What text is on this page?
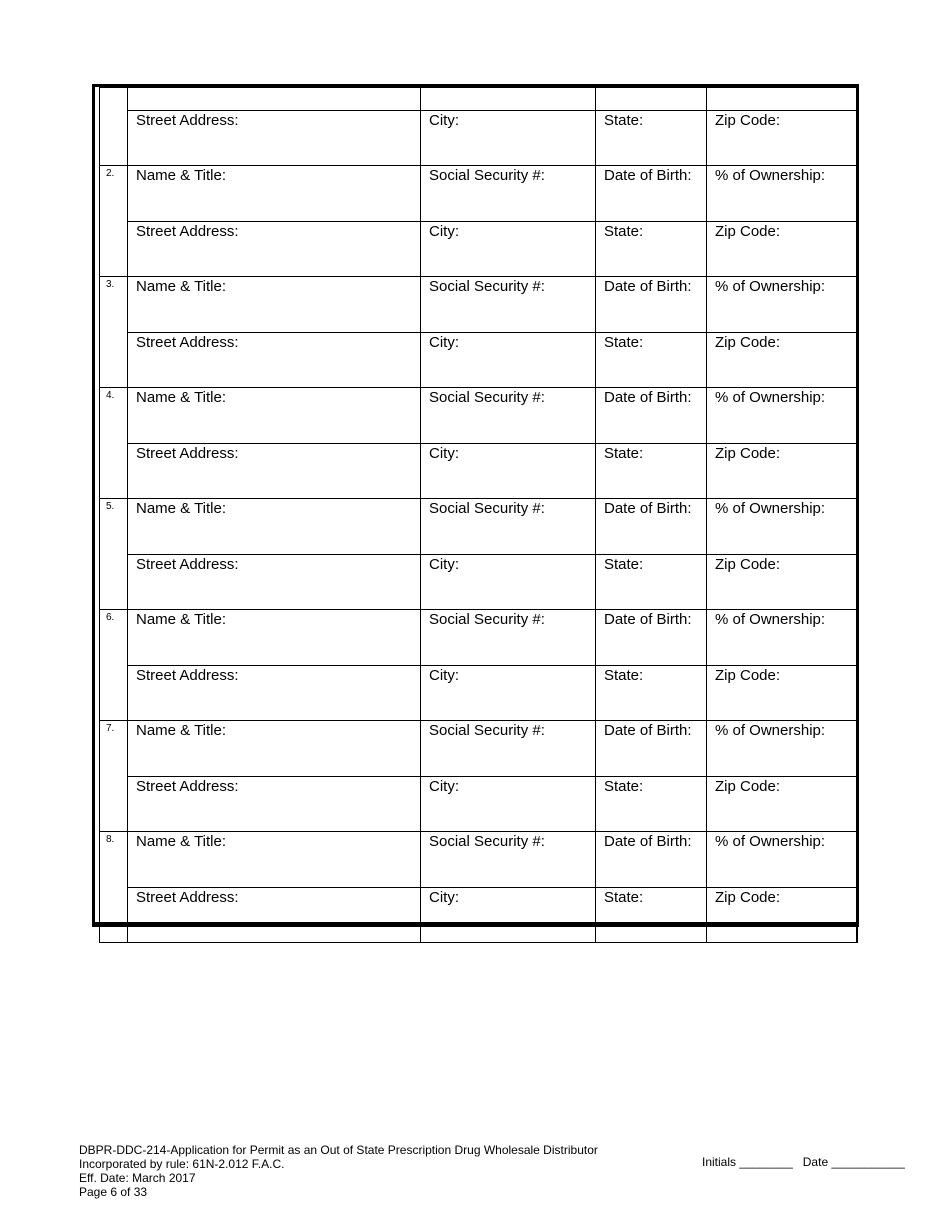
	Street Address:	City:	State:	Zip Code:

2.	Name & Title:	Social Security #:	Date of Birth:	% of Ownership:

	Street Address:	City:	State:	Zip Code:

3.	Name & Title:	Social Security #:	Date of Birth:	% of Ownership:

	Street Address:	City:	State:	Zip Code:

4.	Name & Title:	Social Security #:	Date of Birth:	% of Ownership:

	Street Address:	City:	State:	Zip Code:

5.	Name & Title:	Social Security #:	Date of Birth:	% of Ownership:

	Street Address:	City:	State:	Zip Code:

6.	Name & Title:	Social Security #:	Date of Birth:	% of Ownership:

	Street Address:	City:	State:	Zip Code:

7.	Name & Title:	Social Security #:	Date of Birth:	% of Ownership:

	Street Address:	City:	State:	Zip Code:

8.	Name & Title:	Social Security #:	Date of Birth:	% of Ownership:

	Street Address:	City:	State:	Zip Code:
DBPR-DDC-214-Application for Permit as an Out of State Prescription Drug Wholesale Distributor
Incorporated by rule: 61N-2.012 F.A.C.
Eff. Date: March 2017
Page 6 of 33
Initials ________ Date ___________
